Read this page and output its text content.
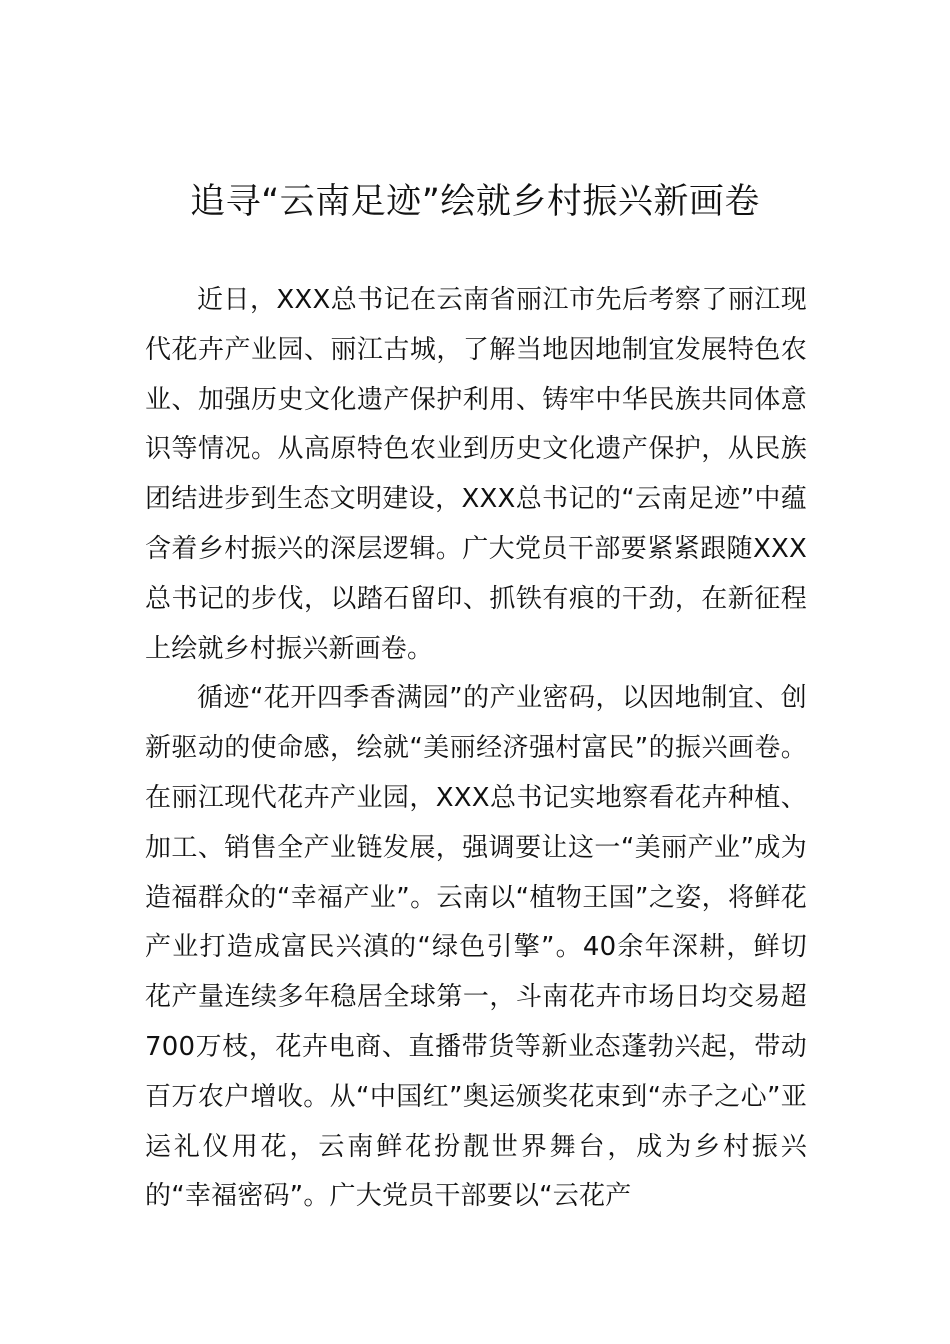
追寻“云南足迹”绘就乡村振兴新画卷

近日，XXX总书记在云南省丽江市先后考察了丽江现代花卉产业园、丽江古城，了解当地因地制宜发展特色农业、加强历史文化遗产保护利用、铸牢中华民族共同体意识等情况。从高原特色农业到历史文化遗产保护，从民族团结进步到生态文明建设，XXX总书记的“云南足迹”中蕴含着乡村振兴的深层逻辑。广大党员干部要紧紧跟随XXX总书记的步伐，以踏石留印、抓铁有痕的干劲，在新征程上绘就乡村振兴新画卷。

循迹“花开四季香满园”的产业密码，以因地制宜、创新驱动的使命感，绘就“美丽经济强村富民”的振兴画卷。在丽江现代花卉产业园，XXX总书记实地察看花卉种植、加工、销售全产业链发展，强调要让这一“美丽产业”成为造福群众的“幸福产业”。云南以“植物王国”之姿，将鲜花产业打造成富民兴滇的“绿色引擎”。40余年深耕，鲜切花产量连续多年稳居全球第一，斗南花卉市场日均交易超700万枝，花卉电商、直播带货等新业态蓬勃兴起，带动百万农户增收。从“中国红”奥运颁奖花束到“赤子之心”亚运礼仪用花，云南鲜花扮靓世界舞台，成为乡村振兴的“幸福密码”。广大党员干部要以“云花产
